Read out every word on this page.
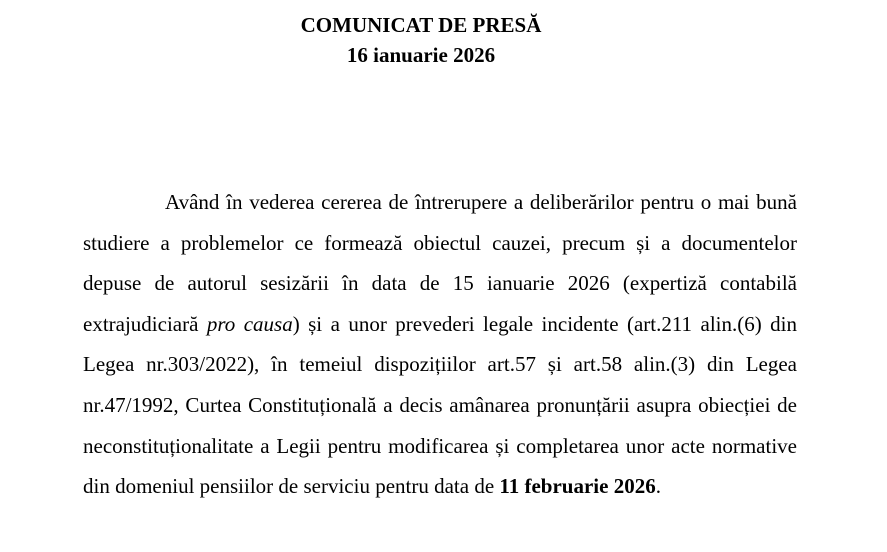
COMUNICAT DE PRESĂ

16 ianuarie 2026

Având în vederea cererea de întrerupere a deliberărilor pentru o mai bună studiere a problemelor ce formează obiectul cauzei, precum și a documentelor depuse de autorul sesizării în data de 15 ianuarie 2026 (expertiză contabilă extrajudiciară pro causa) și a unor prevederi legale incidente (art.211 alin.(6) din Legea nr.303/2022), în temeiul dispozițiilor art.57 și art.58 alin.(3) din Legea nr.47/1992, Curtea Constituțională a decis amânarea pronunțării asupra obiecției de neconstituționalitate a Legii pentru modificarea și completarea unor acte normative din domeniul pensiilor de serviciu pentru data de 11 februarie 2026.
